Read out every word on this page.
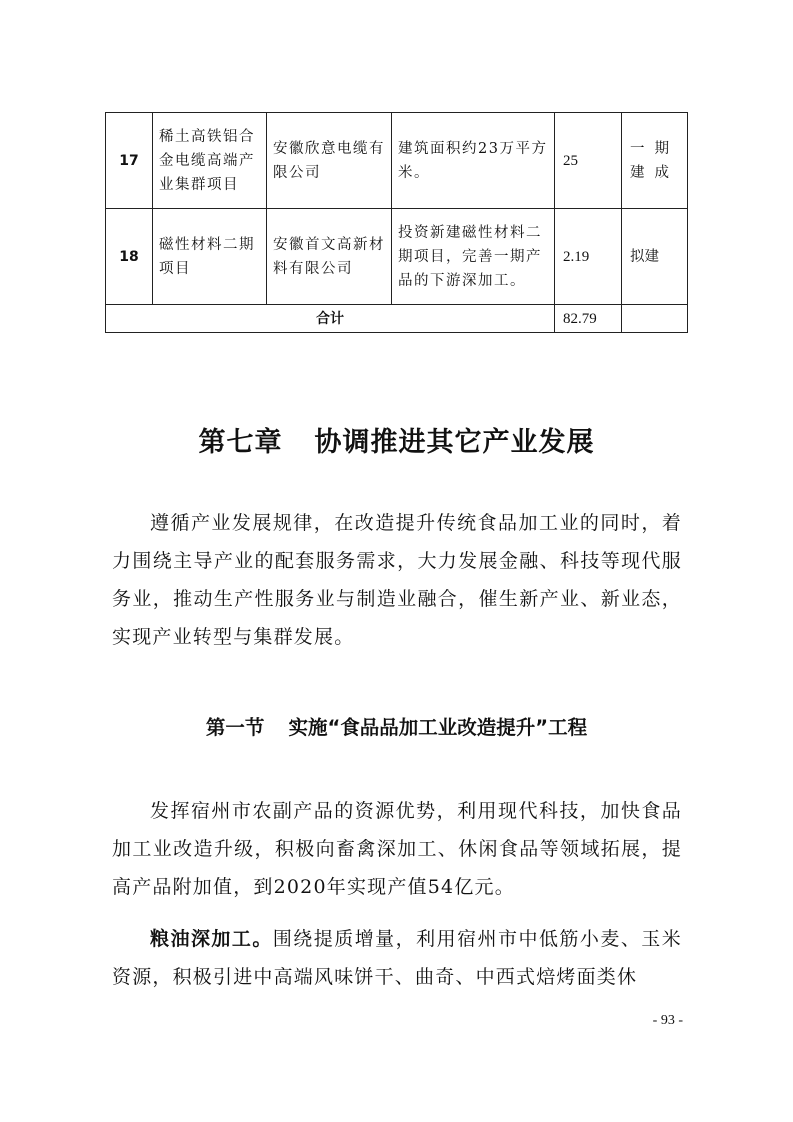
17	稀土高铁铝合金电缆高端产业集群项目	安徽欣意电缆有限公司	建筑面积约23万平方米。	25	一期建成

18	磁性材料二期项目	安徽首文高新材料有限公司	投资新建磁性材料二期项目，完善一期产品的下游深加工。	2.19	拟建
合计				82.79	
第七章 协调推进其它产业发展
遵循产业发展规律，在改造提升传统食品加工业的同时，着力围绕主导产业的配套服务需求，大力发展金融、科技等现代服务业，推动生产性服务业与制造业融合，催生新产业、新业态，实现产业转型与集群发展。
第一节 实施“食品品加工业改造提升”工程
发挥宿州市农副产品的资源优势，利用现代科技，加快食品加工业改造升级，积极向畜禽深加工、休闲食品等领域拓展，提高产品附加值，到2020年实现产值54亿元。
粮油深加工。围绕提质增量，利用宿州市中低筋小麦、玉米资源，积极引进中高端风味饼干、曲奇、中西式焙烤面类休
- 93 -
